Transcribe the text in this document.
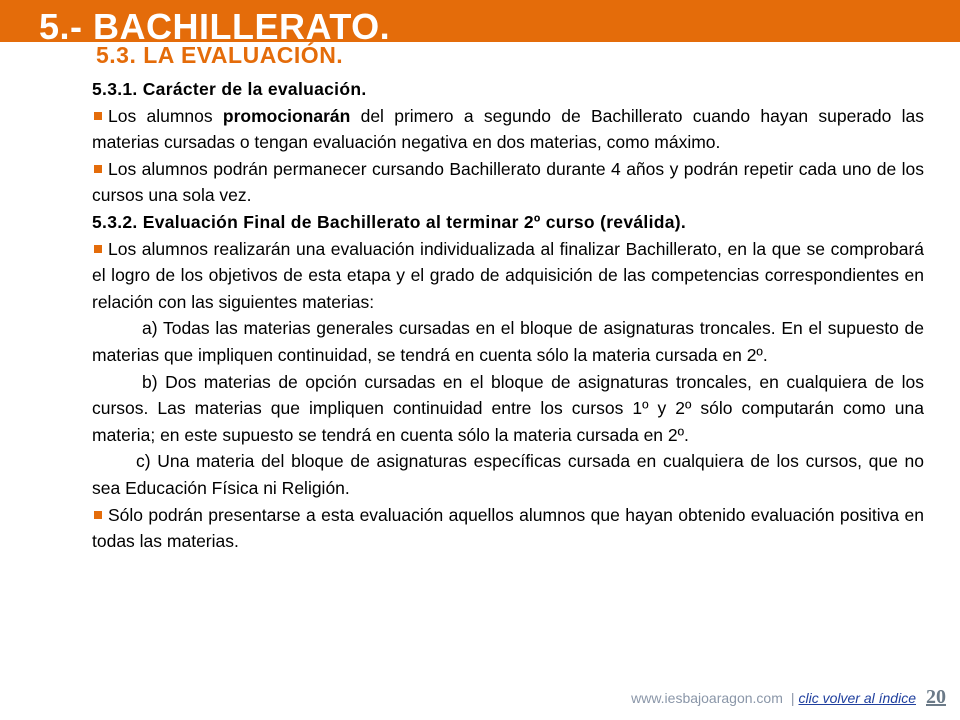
5.- BACHILLERATO.
5.3. LA EVALUACIÓN.

5.3.1. Carácter de la evaluación.

Los alumnos promocionarán del primero a segundo de Bachillerato cuando hayan superado las materias cursadas o tengan evaluación negativa en dos materias, como máximo.

Los alumnos podrán permanecer cursando Bachillerato durante 4 años y podrán repetir cada uno de los cursos una sola vez.

5.3.2. Evaluación Final de Bachillerato al terminar 2º curso (reválida).

Los alumnos realizarán una evaluación individualizada al finalizar Bachillerato, en la que se comprobará el logro de los objetivos de esta etapa y el grado de adquisición de las competencias correspondientes en relación con las siguientes materias:

a) Todas las materias generales cursadas en el bloque de asignaturas troncales. En el supuesto de materias que impliquen continuidad, se tendrá en cuenta sólo la materia cursada en 2º.

b) Dos materias de opción cursadas en el bloque de asignaturas troncales, en cualquiera de los cursos. Las materias que impliquen continuidad entre los cursos 1º y 2º sólo computarán como una materia; en este supuesto se tendrá en cuenta sólo la materia cursada en 2º.

c) Una materia del bloque de asignaturas específicas cursada en cualquiera de los cursos, que no sea Educación Física ni Religión.

Sólo podrán presentarse a esta evaluación aquellos alumnos que hayan obtenido evaluación positiva en todas las materias.

www.iesbajoaragon.com | clic volver al índice 20
